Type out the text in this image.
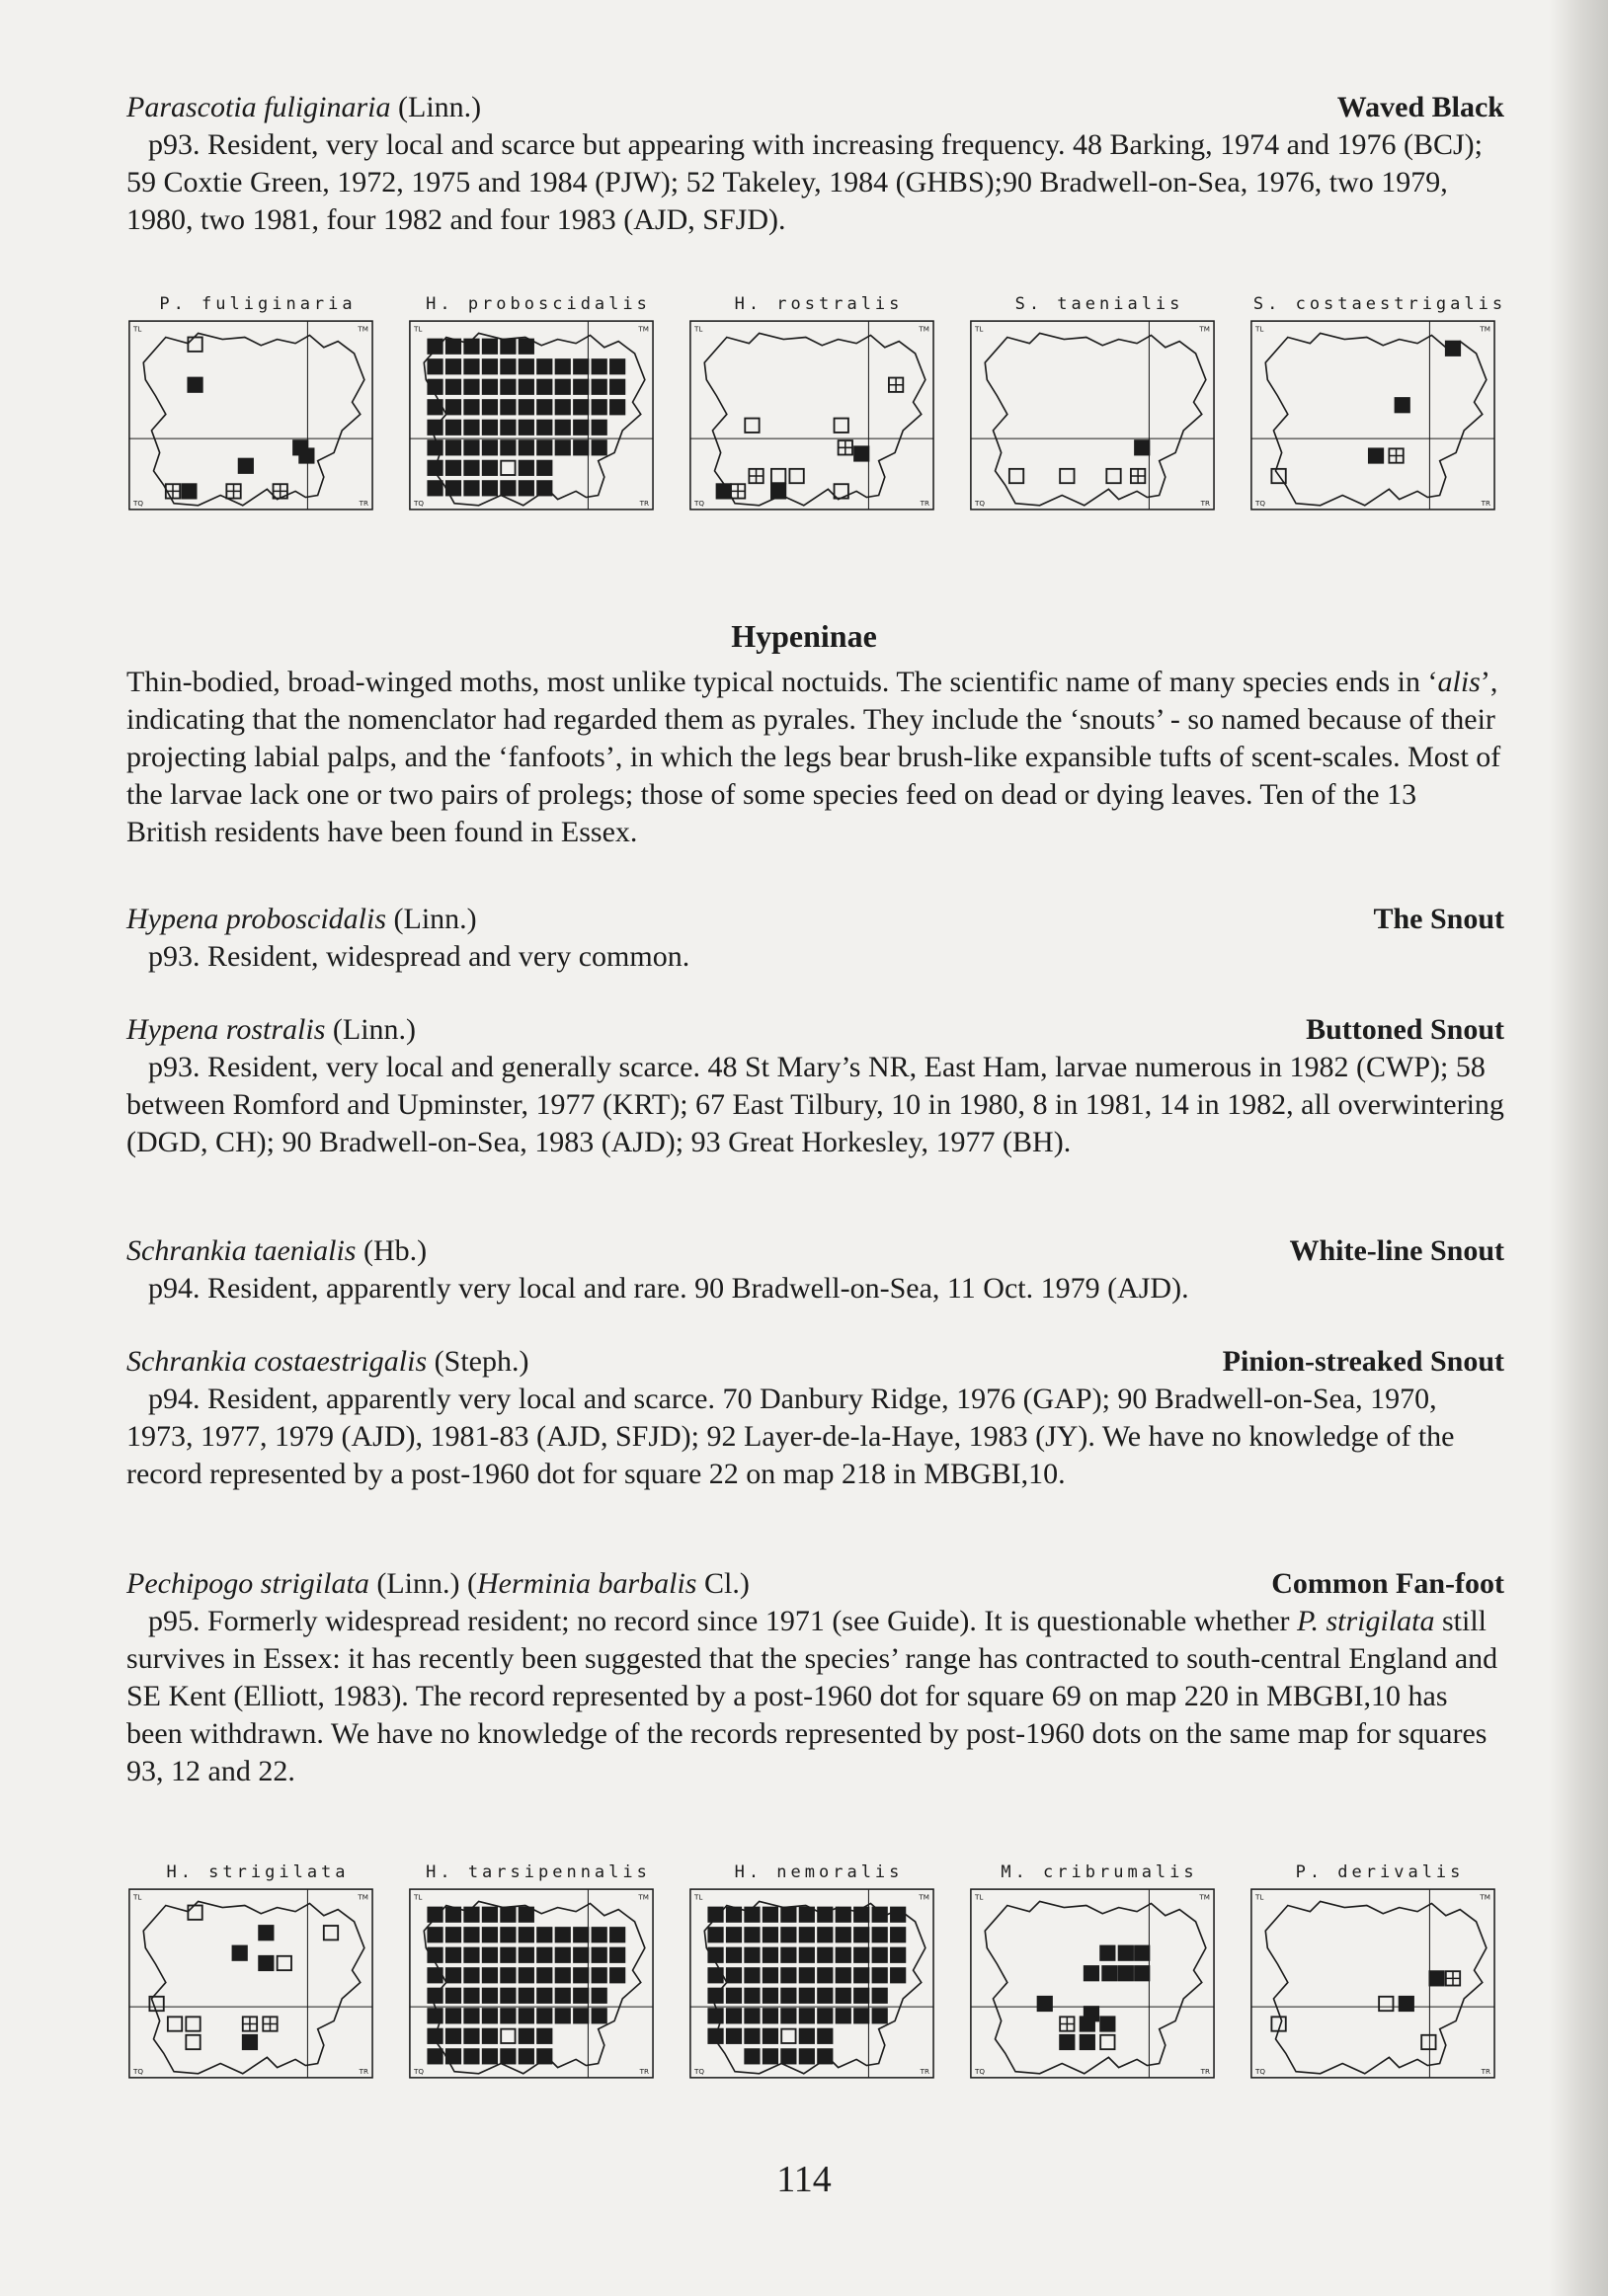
Parascotia fuliginaria (Linn.)	Waved Black

p93. Resident, very local and scarce but appearing with increasing frequency. 48 Barking, 1974 and 1976 (BCJ); 59 Coxtie Green, 1972, 1975 and 1984 (PJW); 52 Takeley, 1984 (GHBS);90 Bradwell-on-Sea, 1976, two 1979, 1980, two 1981, four 1982 and four 1983 (AJD, SFJD).

P. fuliginaria
TL	TM
TQ	TR
H. proboscidalis
TL	TM
TQ	TR
H. rostralis
TL	TM
TQ	TR
S. taenialis
TL	TM
TQ	TR
S. costaestrigalis
TL	TM
TQ	TR
Hypeninae

Thin-bodied, broad-winged moths, most unlike typical noctuids. The scientific name of many species ends in ‘alis’, indicating that the nomenclator had regarded them as pyrales. They include the ‘snouts’ - so named because of their projecting labial palps, and the ‘fanfoots’, in which the legs bear brush-like expansible tufts of scent-scales. Most of the larvae lack one or two pairs of prolegs; those of some species feed on dead or dying leaves. Ten of the 13 British residents have been found in Essex.

Hypena proboscidalis (Linn.)	The Snout

p93. Resident, widespread and very common.

Hypena rostralis (Linn.)	Buttoned Snout

p93. Resident, very local and generally scarce. 48 St Mary’s NR, East Ham, larvae numerous in 1982 (CWP); 58 between Romford and Upminster, 1977 (KRT); 67 East Tilbury, 10 in 1980, 8 in 1981, 14 in 1982, all overwintering (DGD, CH); 90 Bradwell-on-Sea, 1983 (AJD); 93 Great Horkesley, 1977 (BH).

Schrankia taenialis (Hb.)	White-line Snout

p94. Resident, apparently very local and rare. 90 Bradwell-on-Sea, 11 Oct. 1979 (AJD).

Schrankia costaestrigalis (Steph.)	Pinion-streaked Snout

p94. Resident, apparently very local and scarce. 70 Danbury Ridge, 1976 (GAP); 90 Bradwell-on-Sea, 1970, 1973, 1977, 1979 (AJD), 1981-83 (AJD, SFJD); 92 Layer-de-la-Haye, 1983 (JY). We have no knowledge of the record represented by a post-1960 dot for square 22 on map 218 in MBGBI,10.

Pechipogo strigilata (Linn.) (Herminia barbalis Cl.)	Common Fan-foot

p95. Formerly widespread resident; no record since 1971 (see Guide). It is questionable whether P. strigilata still survives in Essex: it has recently been suggested that the species’ range has contracted to south-central England and SE Kent (Elliott, 1983). The record represented by a post-1960 dot for square 69 on map 220 in MBGBI,10 has been withdrawn. We have no knowledge of the records represented by post-1960 dots on the same map for squares 93, 12 and 22.

H. strigilata
TL	TM
TQ	TR
H. tarsipennalis
TL	TM
TQ	TR
H. nemoralis
TL	TM
TQ	TR
M. cribrumalis
TL	TM
TQ	TR
P. derivalis
TL	TM
TQ	TR
114
